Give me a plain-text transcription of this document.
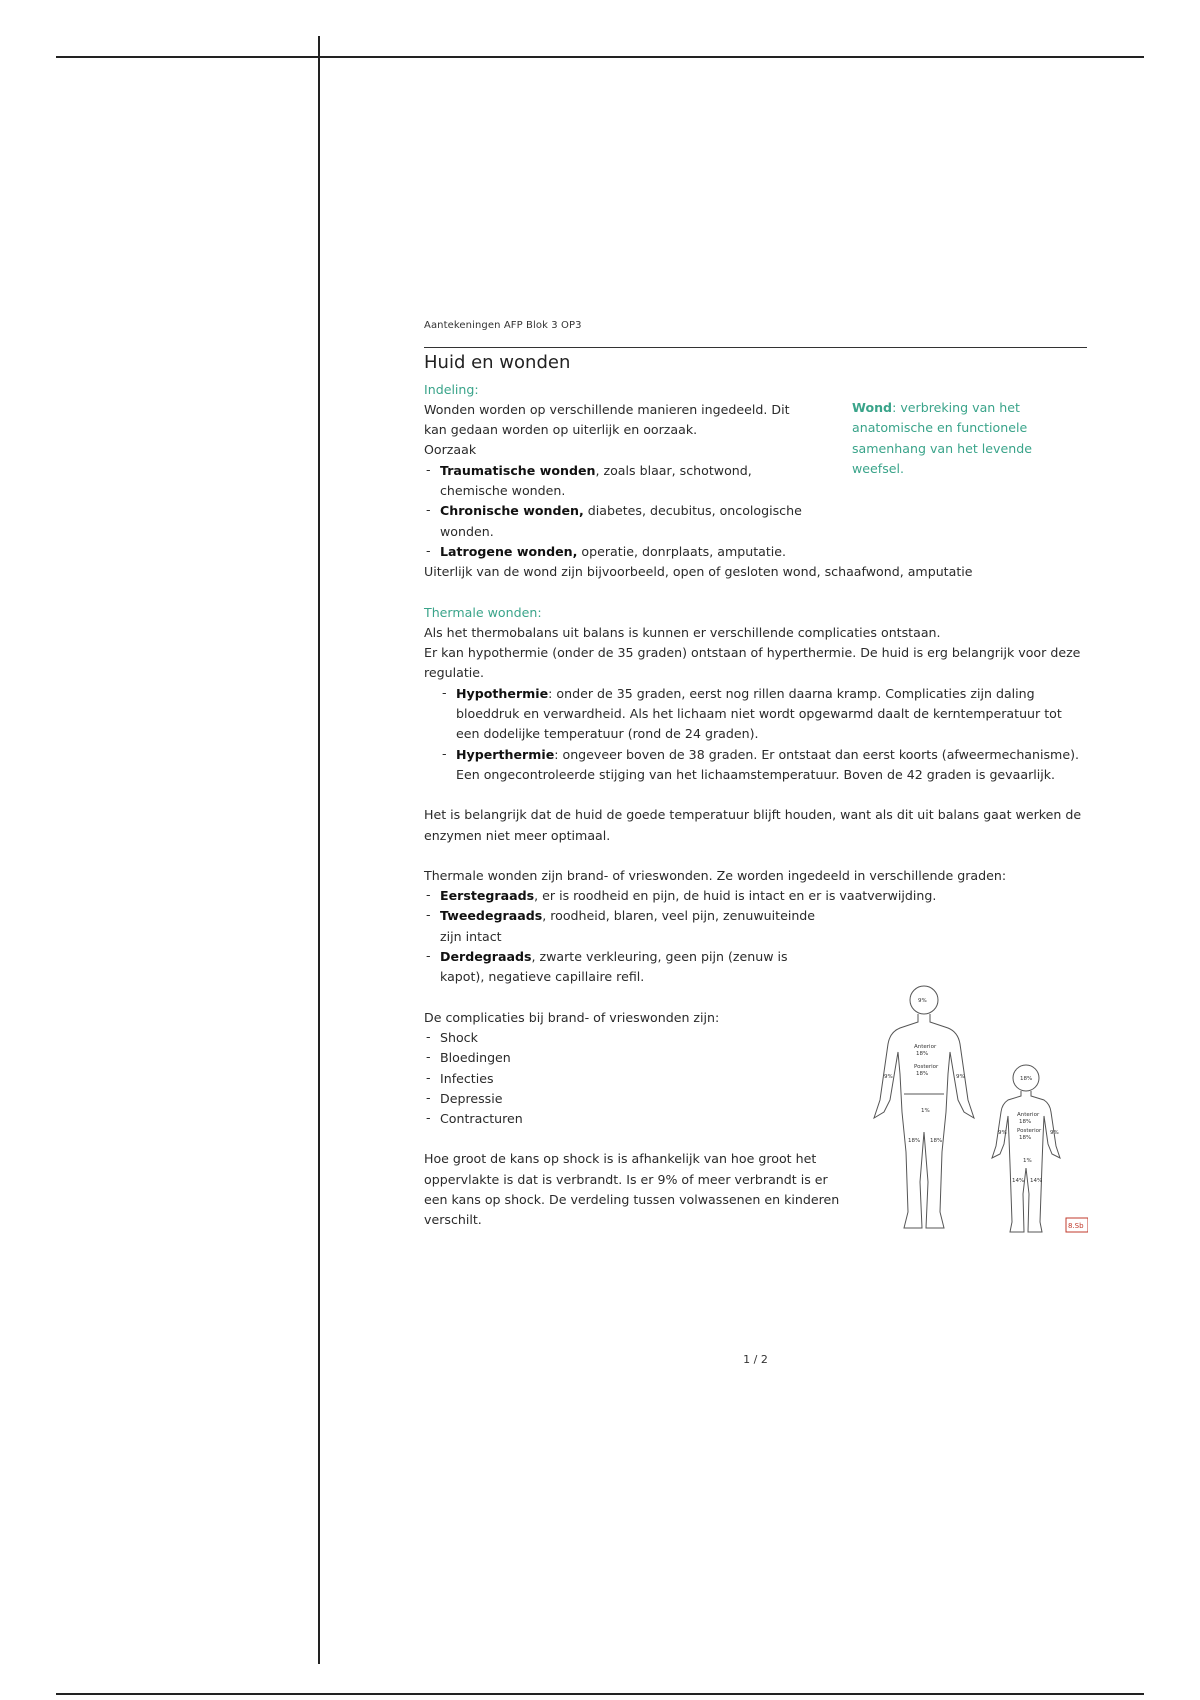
Aantekeningen AFP Blok 3 OP3
Huid en wonden
Wond: verbreking van het anatomische en functionele samenhang van het levende weefsel.
Indeling:

Wonden worden op verschillende manieren ingedeeld. Dit kan gedaan worden op uiterlijk en oorzaak.

Oorzaak

- Traumatische wonden, zoals blaar, schotwond, chemische wonden.
- Chronische wonden, diabetes, decubitus, oncologische wonden.
- Latrogene wonden, operatie, donrplaats, amputatie.

Uiterlijk van de wond zijn bijvoorbeeld, open of gesloten wond, schaafwond, amputatie

Thermale wonden:

Als het thermobalans uit balans is kunnen er verschillende complicaties ontstaan.

Er kan hypothermie (onder de 35 graden) ontstaan of hyperthermie. De huid is erg belangrijk voor deze regulatie.

- Hypothermie: onder de 35 graden, eerst nog rillen daarna kramp. Complicaties zijn daling bloeddruk en verwardheid. Als het lichaam niet wordt opgewarmd daalt de kerntemperatuur tot een dodelijke temperatuur (rond de 24 graden).
- Hyperthermie: ongeveer boven de 38 graden. Er ontstaat dan eerst koorts (afweermechanisme). Een ongecontroleerde stijging van het lichaamstemperatuur. Boven de 42 graden is gevaarlijk.

Het is belangrijk dat de huid de goede temperatuur blijft houden, want als dit uit balans gaat werken de enzymen niet meer optimaal.

Thermale wonden zijn brand- of vrieswonden. Ze worden ingedeeld in verschillende graden:

- Eerstegraads, er is roodheid en pijn, de huid is intact en er is vaatverwijding.
- Tweedegraads, roodheid, blaren, veel pijn, zenuwuiteinde zijn intact
- Derdegraads, zwarte verkleuring, geen pijn (zenuw is kapot), negatieve capillaire refil.

De complicaties bij brand- of vrieswonden zijn:

- Shock
- Bloedingen
- Infecties
- Depressie
- Contracturen

Hoe groot de kans op shock is is afhankelijk van hoe groot het oppervlakte is dat is verbrandt. Is er 9% of meer verbrandt is er een kans op shock. De verdeling tussen volwassenen en kinderen verschilt.

9%
Anterior
18%
Posterior
18%
9%	9%
1%
18% 18%
18%
Anterior
18%
Posterior
18%
9%	9%
1%
14% 14%
8.Sb
1 / 2
